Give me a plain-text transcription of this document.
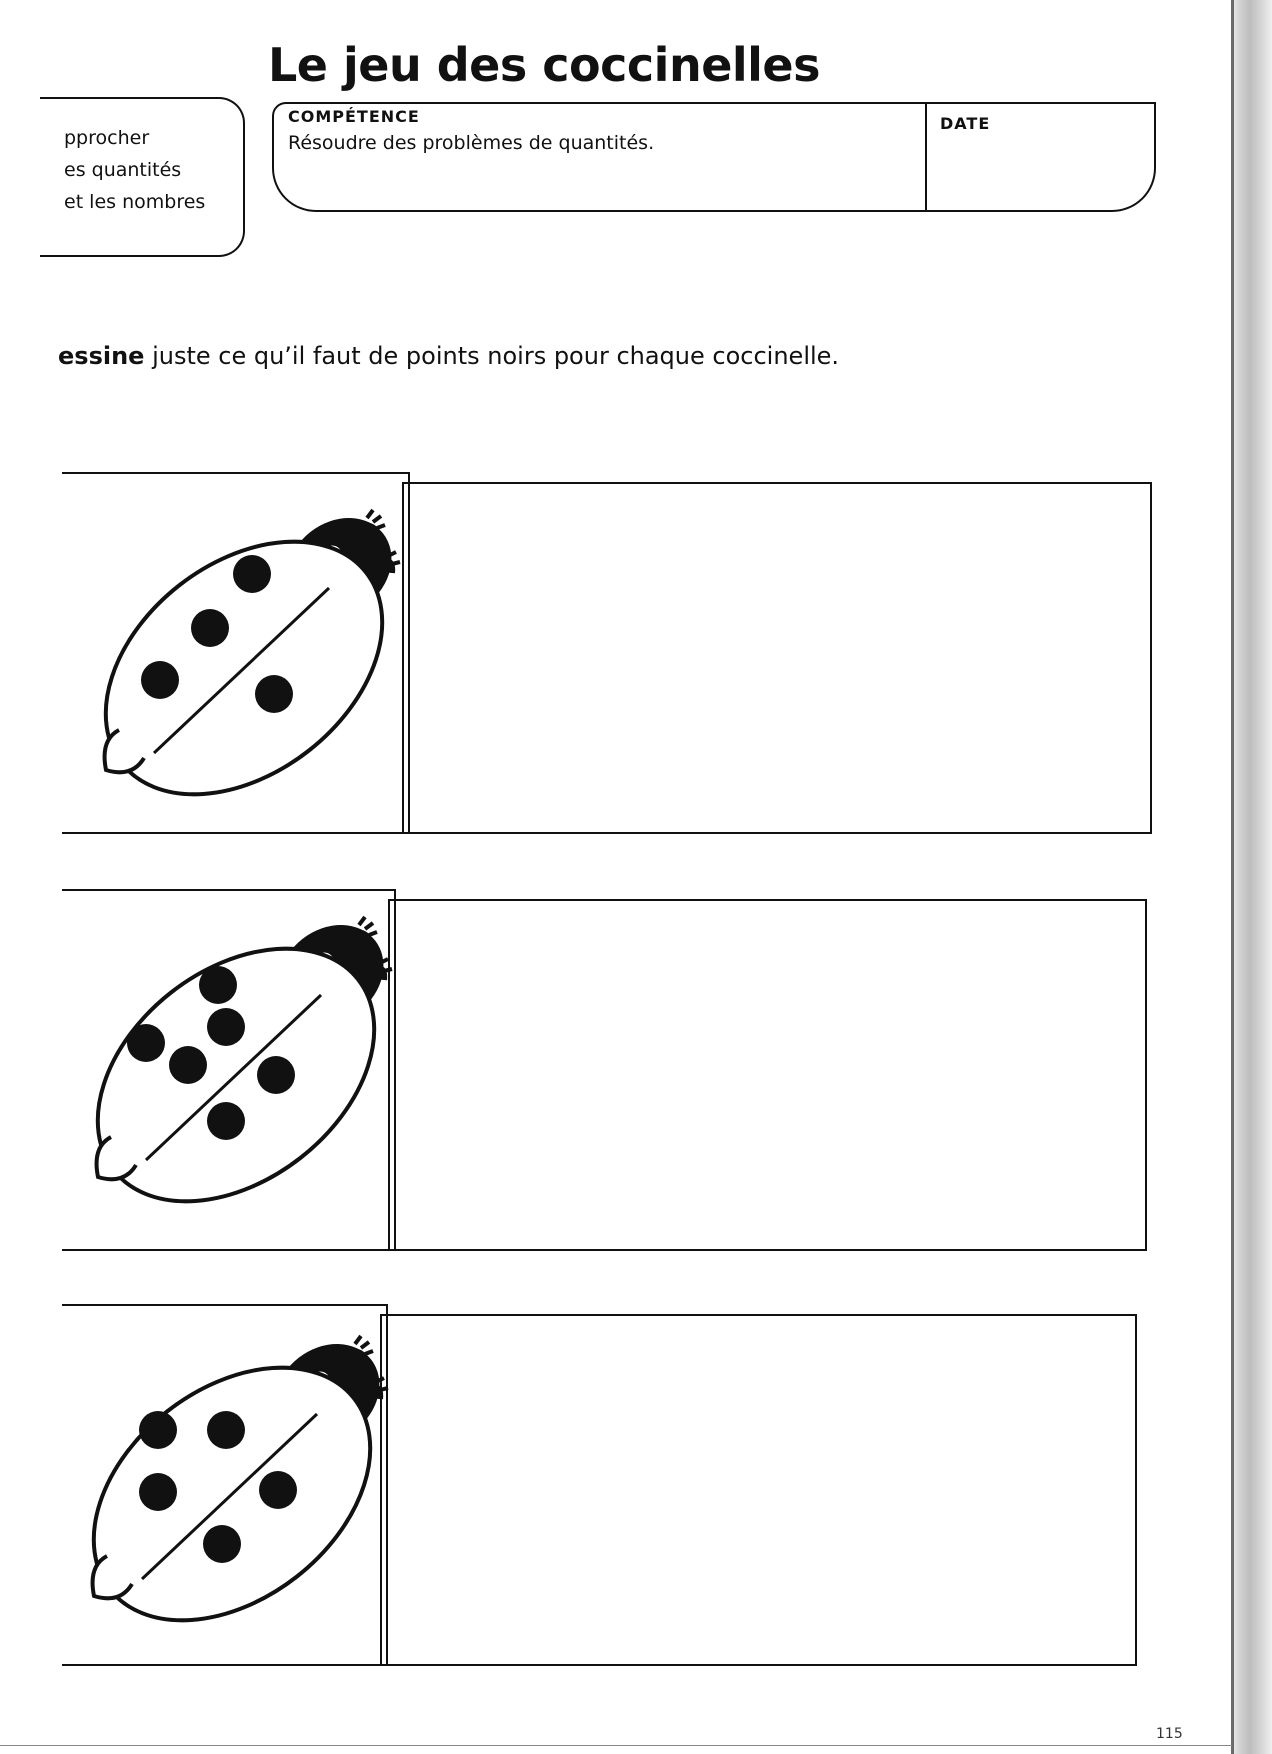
Le jeu des coccinelles
pprocher
es quantités
et les nombres
COMPÉTENCE
Résoudre des problèmes de quantités.
DATE
essine juste ce qu’il faut de points noirs pour chaque coccinelle.
115
